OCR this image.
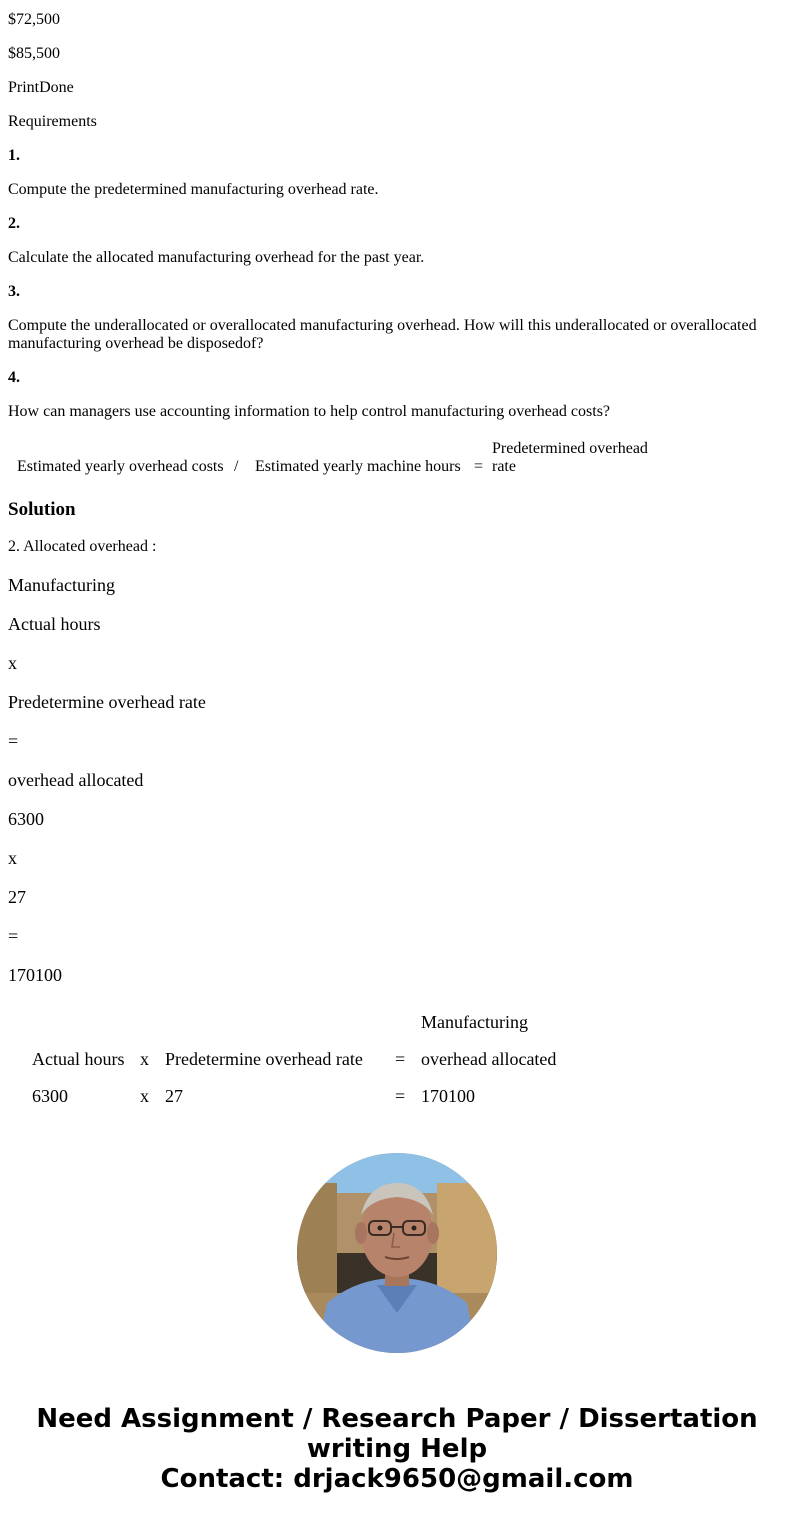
$72,500

$85,500

PrintDone

Requirements

1.

Compute the predetermined manufacturing overhead rate.

2.

Calculate the allocated manufacturing overhead for the past year.

3.

Compute the underallocated or overallocated manufacturing overhead. How will this underallocated or overallocated manufacturing overhead be disposedof?

4.

How can managers use accounting information to help control manufacturing overhead costs?

Estimated yearly overhead costs / Estimated yearly machine hours =
Predetermined overhead
rate
Solution

2. Allocated overhead :

Manufacturing

Actual hours

x

Predetermine overhead rate

=

overhead allocated

6300

x

27

=

170100

Manufacturing
Actual hours x Predetermine overhead rate = overhead allocated
6300	x 27	= 170100

Need Assignment / Research Paper / Dissertation

writing Help

Contact: drjack9650@gmail.com
